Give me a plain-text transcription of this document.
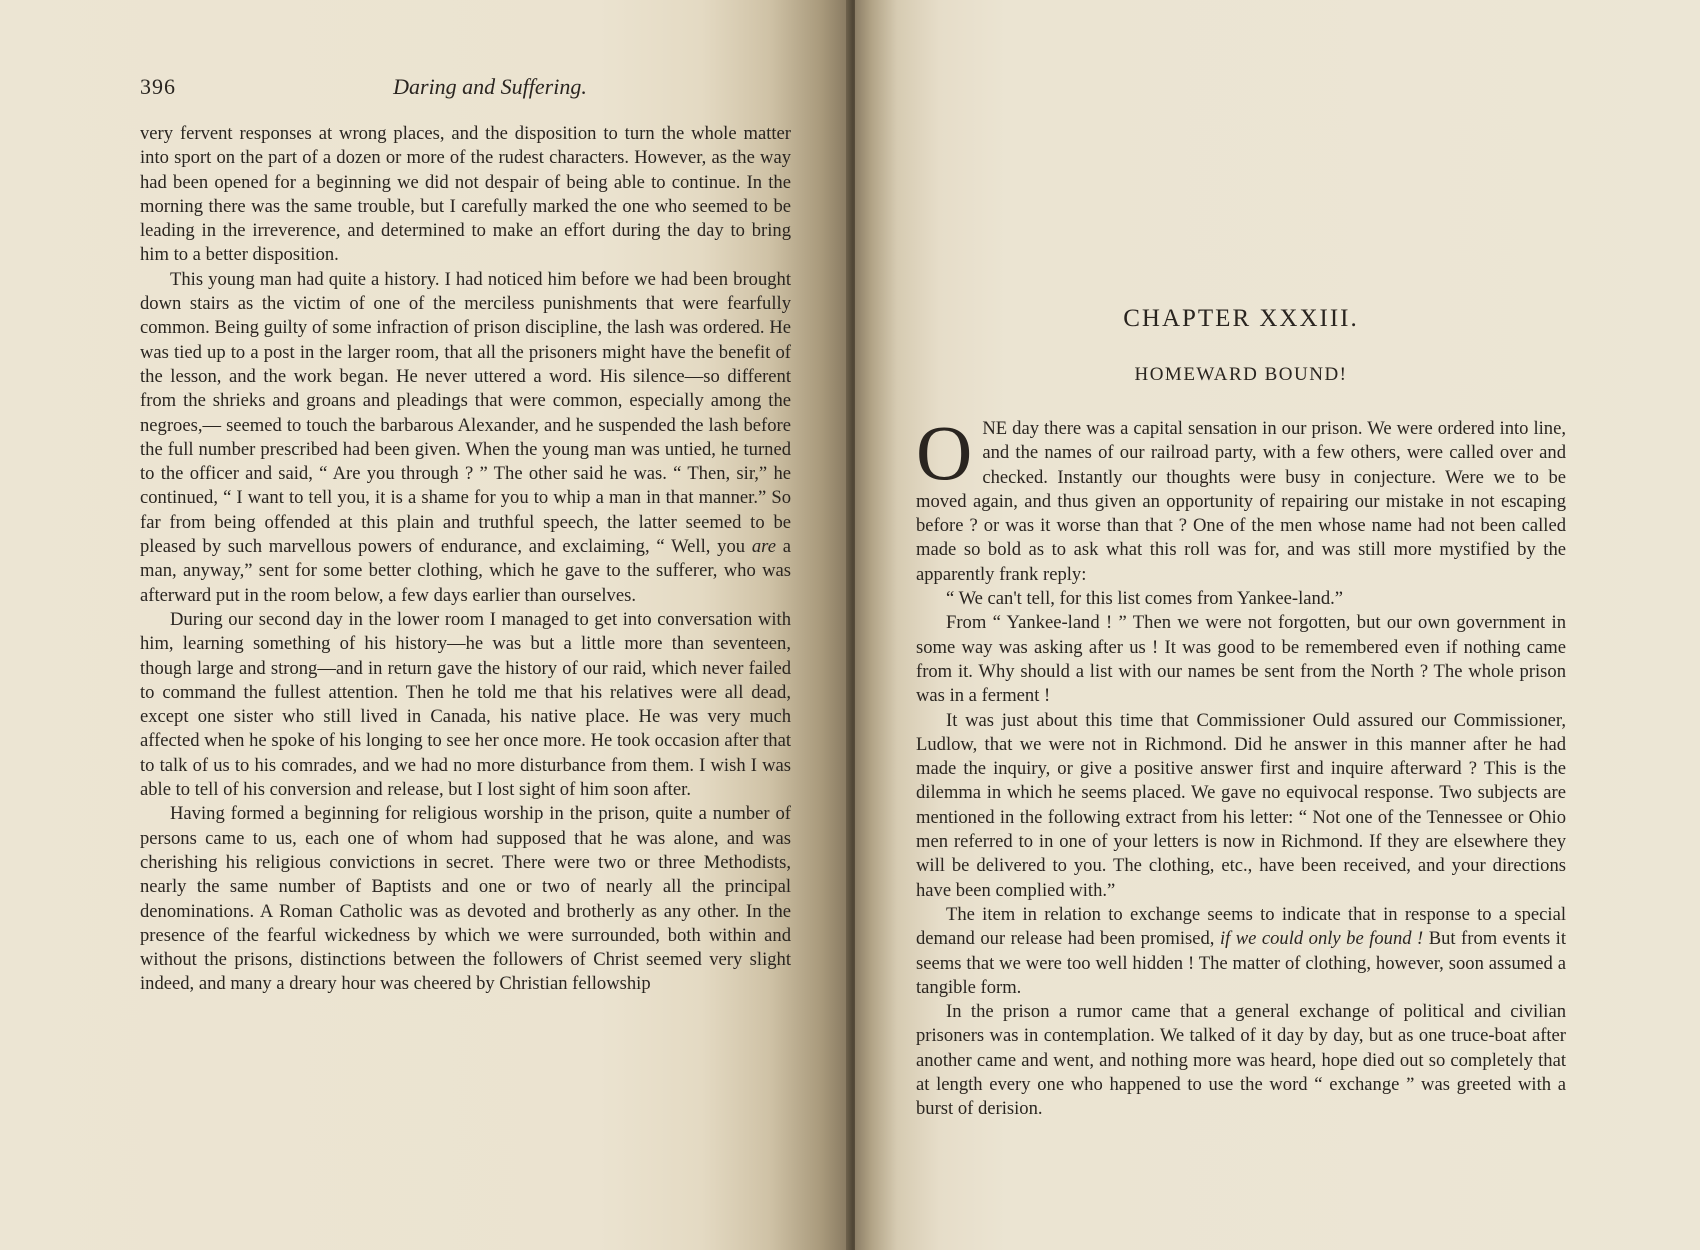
396	Daring and Suffering.

very fervent responses at wrong places, and the disposition to turn the whole matter into sport on the part of a dozen or more of the rudest characters. However, as the way had been opened for a beginning we did not despair of being able to continue. In the morning there was the same trouble, but I carefully marked the one who seemed to be leading in the irreverence, and determined to make an effort during the day to bring him to a better disposition.

This young man had quite a history. I had noticed him before we had been brought down stairs as the victim of one of the merciless punishments that were fearfully common. Being guilty of some infraction of prison discipline, the lash was ordered. He was tied up to a post in the larger room, that all the prisoners might have the benefit of the lesson, and the work began. He never uttered a word. His silence—so different from the shrieks and groans and pleadings that were common, especially among the negroes,— seemed to touch the barbarous Alexander, and he suspended the lash before the full number prescribed had been given. When the young man was untied, he turned to the officer and said, “ Are you through ? ” The other said he was. “ Then, sir,” he continued, “ I want to tell you, it is a shame for you to whip a man in that manner.” So far from being offended at this plain and truthful speech, the latter seemed to be pleased by such marvellous powers of endurance, and exclaiming, “ Well, you are a man, anyway,” sent for some better clothing, which he gave to the sufferer, who was afterward put in the room below, a few days earlier than ourselves.

During our second day in the lower room I managed to get into conversation with him, learning something of his history—he was but a little more than seventeen, though large and strong—and in return gave the history of our raid, which never failed to command the fullest attention. Then he told me that his relatives were all dead, except one sister who still lived in Canada, his native place. He was very much affected when he spoke of his longing to see her once more. He took occasion after that to talk of us to his comrades, and we had no more disturbance from them. I wish I was able to tell of his conversion and release, but I lost sight of him soon after.

Having formed a beginning for religious worship in the prison, quite a number of persons came to us, each one of whom had supposed that he was alone, and was cherishing his religious convictions in secret. There were two or three Methodists, nearly the same number of Baptists and one or two of nearly all the principal denominations. A Roman Catholic was as devoted and brotherly as any other. In the presence of the fearful wickedness by which we were surrounded, both within and without the prisons, distinctions between the followers of Christ seemed very slight indeed, and many a dreary hour was cheered by Christian fellowship

CHAPTER XXXIII.
HOMEWARD BOUND!

ONE day there was a capital sensation in our prison. We were ordered into line, and the names of our railroad party, with a few others, were called over and checked. Instantly our thoughts were busy in conjecture. Were we to be moved again, and thus given an opportunity of repairing our mistake in not escaping before ? or was it worse than that ? One of the men whose name had not been called made so bold as to ask what this roll was for, and was still more mystified by the apparently frank reply:

“ We can't tell, for this list comes from Yankee-land.”

From “ Yankee-land ! ” Then we were not forgotten, but our own government in some way was asking after us ! It was good to be remembered even if nothing came from it. Why should a list with our names be sent from the North ? The whole prison was in a ferment !

It was just about this time that Commissioner Ould assured our Commissioner, Ludlow, that we were not in Richmond. Did he answer in this manner after he had made the inquiry, or give a positive answer first and inquire afterward ? This is the dilemma in which he seems placed. We gave no equivocal response. Two subjects are mentioned in the following extract from his letter: “ Not one of the Tennessee or Ohio men referred to in one of your letters is now in Richmond. If they are elsewhere they will be delivered to you. The clothing, etc., have been received, and your directions have been complied with.”

The item in relation to exchange seems to indicate that in response to a special demand our release had been promised, if we could only be found ! But from events it seems that we were too well hidden ! The matter of clothing, however, soon assumed a tangible form.

In the prison a rumor came that a general exchange of political and civilian prisoners was in contemplation. We talked of it day by day, but as one truce-boat after another came and went, and nothing more was heard, hope died out so completely that at length every one who happened to use the word “ exchange ” was greeted with a burst of derision.
